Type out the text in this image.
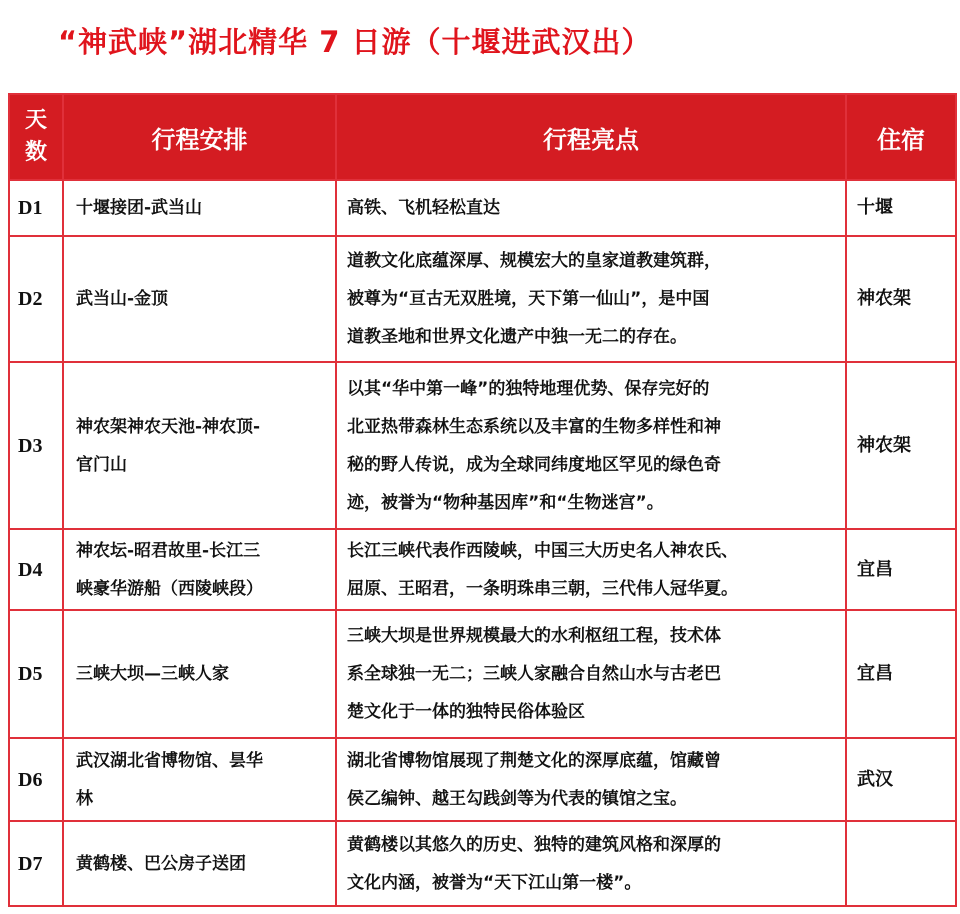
“神武峡”湖北精华 7 日游（十堰进武汉出）
天
数	行程安排	行程亮点	住宿
D1	十堰接团-武当山	高铁、飞机轻松直达	十堰
D2	武当山-金顶	道教文化底蕴深厚、规模宏大的皇家道教建筑群，
被尊为“亘古无双胜境，天下第一仙山”，是中国
道教圣地和世界文化遗产中独一无二的存在。	神农架
D3	神农架神农天池-神农顶-
官门山	以其“华中第一峰”的独特地理优势、保存完好的
北亚热带森林生态系统以及丰富的生物多样性和神
秘的野人传说，成为全球同纬度地区罕见的绿色奇
迹，被誉为“物种基因库”和“生物迷宫”。	神农架
D4	神农坛-昭君故里-长江三
峡豪华游船（西陵峡段）	长江三峡代表作西陵峡，中国三大历史名人神农氏、
屈原、王昭君，一条明珠串三朝，三代伟人冠华夏。	宜昌
D5	三峡大坝—三峡人家	三峡大坝是世界规模最大的水利枢纽工程，技术体
系全球独一无二；三峡人家融合自然山水与古老巴
楚文化于一体的独特民俗体验区	宜昌
D6	武汉湖北省博物馆、昙华
林	湖北省博物馆展现了荆楚文化的深厚底蕴，馆藏曾
侯乙编钟、越王勾践剑等为代表的镇馆之宝。	武汉
D7	黄鹤楼、巴公房子送团	黄鹤楼以其悠久的历史、独特的建筑风格和深厚的
文化内涵，被誉为“天下江山第一楼”。	
